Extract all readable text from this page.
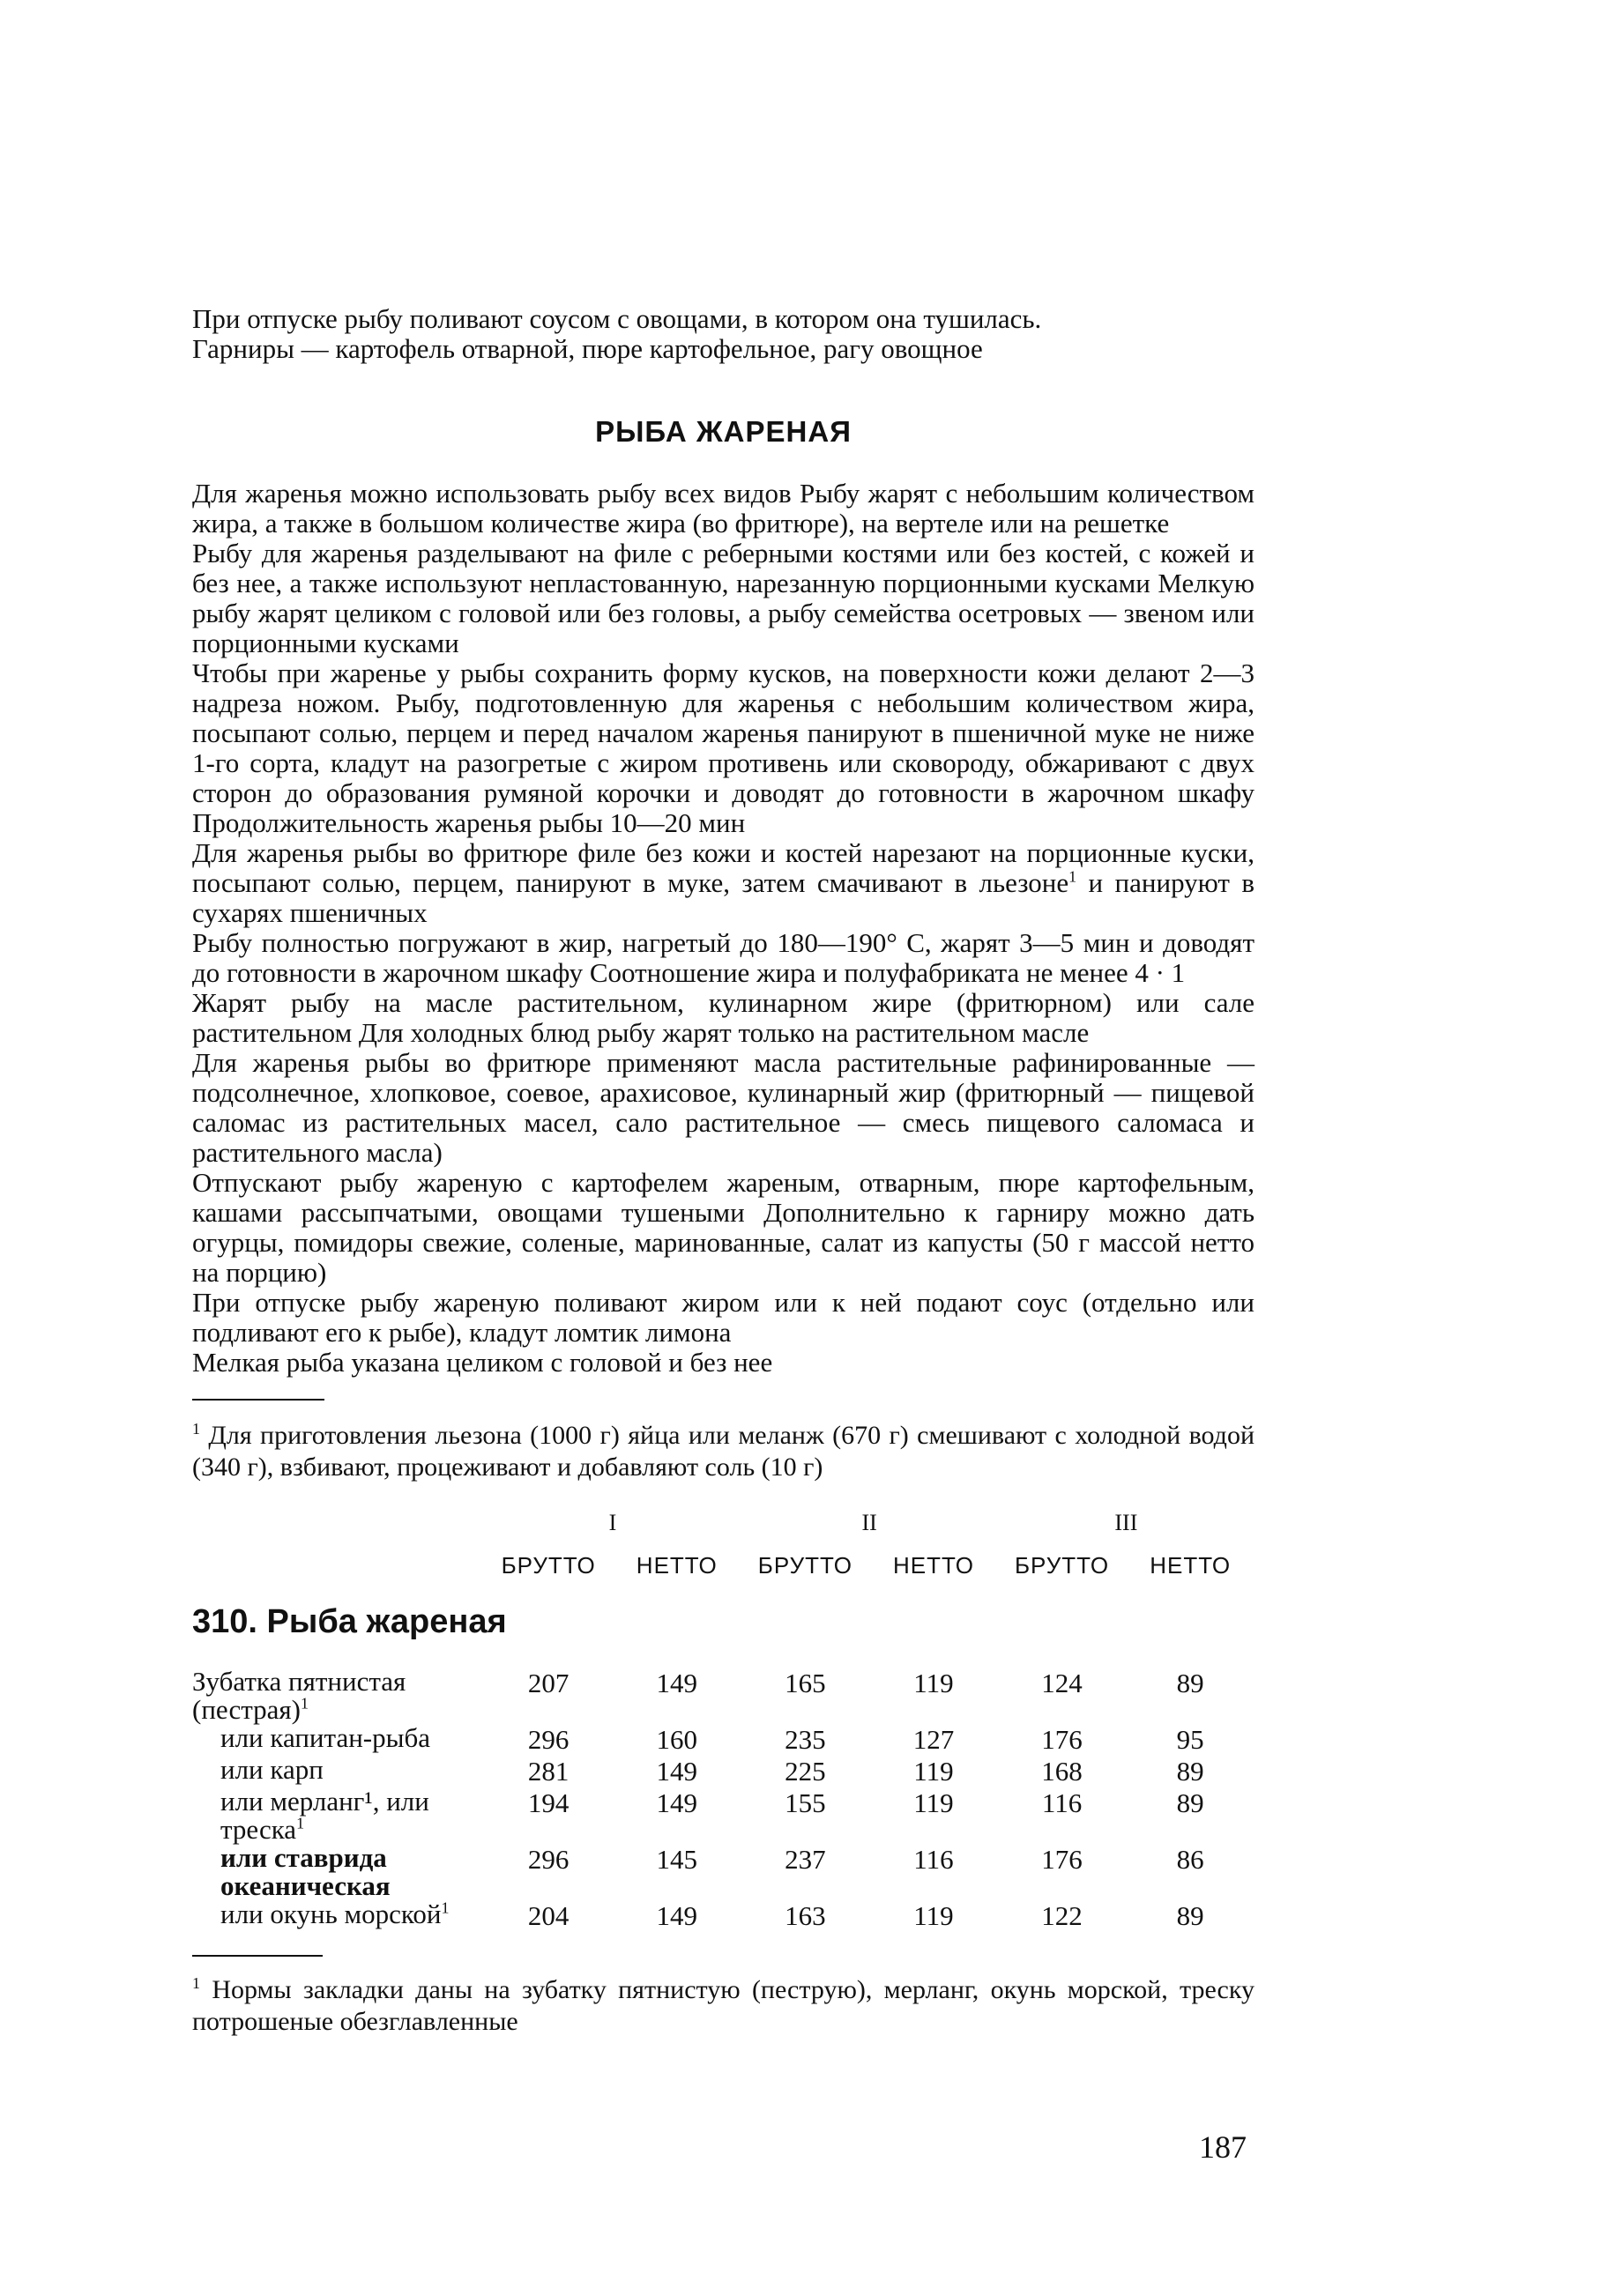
При отпуске рыбу поливают соусом с овощами, в котором она тушилась.

Гарниры — картофель отварной, пюре картофельное, рагу овощное

РЫБА ЖАРЕНАЯ

Для жаренья можно использовать рыбу всех видов Рыбу жарят с небольшим количеством жира, а также в большом количестве жира (во фритюре), на вертеле или на решетке

Рыбу для жаренья разделывают на филе с реберными костями или без костей, с кожей и без нее, а также используют непластованную, нарезанную порционными кусками Мелкую рыбу жарят целиком с головой или без головы, а рыбу семейства осетровых — звеном или порционными кусками

Чтобы при жаренье у рыбы сохранить форму кусков, на поверхности кожи делают 2—3 надреза ножом. Рыбу, подготовленную для жаренья с небольшим количеством жира, посыпают солью, перцем и перед началом жаренья панируют в пшеничной муке не ниже 1-го сорта, кладут на разогретые с жиром противень или сковороду, обжаривают с двух сторон до образования румяной корочки и доводят до готовности в жарочном шкафу Продолжительность жаренья рыбы 10—20 мин

Для жаренья рыбы во фритюре филе без кожи и костей нарезают на порционные куски, посыпают солью, перцем, панируют в муке, затем смачивают в льезоне$^1$ и панируют в сухарях пшеничных

Рыбу полностью погружают в жир, нагретый до 180—190° С, жарят 3—5 мин и доводят до готовности в жарочном шкафу Соотношение жира и полуфабриката не менее 4 · 1

Жарят рыбу на масле растительном, кулинарном жире (фритюрном) или сале растительном Для холодных блюд рыбу жарят только на растительном масле

Для жаренья рыбы во фритюре применяют масла растительные рафинированные — подсолнечное, хлопковое, соевое, арахисовое, кулинарный жир (фритюрный — пищевой саломас из растительных масел, сало растительное — смесь пищевого саломаса и растительного масла)

Отпускают рыбу жареную с картофелем жареным, отварным, пюре картофельным, кашами рассыпчатыми, овощами тушеными Дополнительно к гарниру можно дать огурцы, помидоры свежие, соленые, маринованные, салат из капусты (50 г массой нетто на порцию)

При отпуске рыбу жареную поливают жиром или к ней подают соус (отдельно или подливают его к рыбе), кладут ломтик лимона

Мелкая рыба указана целиком с головой и без нее

$^1$ Для приготовления льезона (1000 г) яйца или меланж (670 г) смешивают с холодной водой (340 г), взбивают, процеживают и добавляют соль (10 г)

	I		II		III	
	БРУТТО	НЕТТО	БРУТТО	НЕТТО	БРУТТО	НЕТТО
310. Рыба жареная						
Зубатка пятнистая (пестрая)$^1$	207	149	165	119	124	89

или капитан-рыба	296	160	235	127	176	95

или карп	281	149	225	119	168	89

или мерланг¹, или треска$^1$	194	149	155	119	116	89

или ставрида океаническая	296	145	237	116	176	86

или окунь морской$^1$	204	149	163	119	122	89

$^1$ Нормы закладки даны на зубатку пятнистую (пеструю), мерланг, окунь морской, треску потрошеные обезглавленные

187
